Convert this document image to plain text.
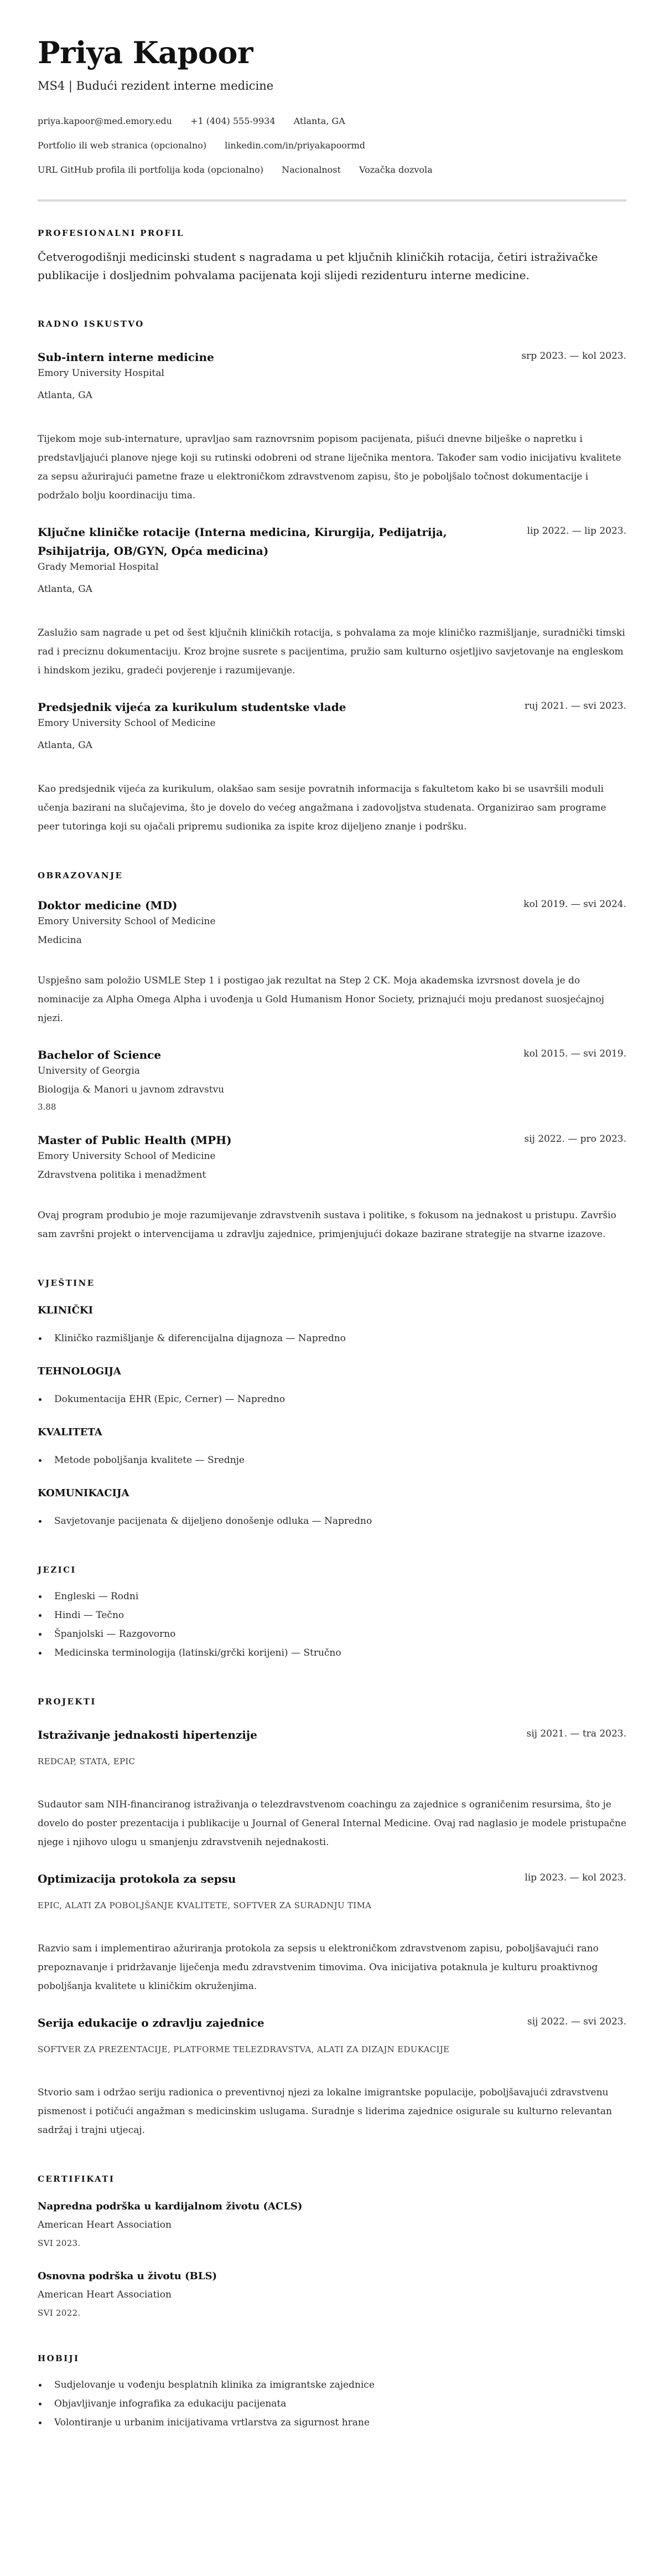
Priya Kapoor
MS4 | Budući rezident interne medicine
priya.kapoor@med.emory.edu +1 (404) 555-9934 Atlanta, GA
Portfolio ili web stranica (opcionalno) linkedin.com/in/priyakapoormd
URL GitHub profila ili portfolija koda (opcionalno) Nacionalnost Vozačka dozvola
PROFESIONALNI PROFIL

Četverogodišnji medicinski student s nagradama u pet ključnih kliničkih rotacija, četiri istraživačke publikacije i dosljednim pohvalama pacijenata koji slijedi rezidenturu interne medicine.

RADNO ISKUSTVO
Sub-intern interne medicine	srp 2023. — kol 2023.
Emory University Hospital
Atlanta, GA

Tijekom moje sub-internature, upravljao sam raznovrsnim popisom pacijenata, pišući dnevne bilješke o napretku i predstavljajući planove njege koji su rutinski odobreni od strane liječnika mentora. Također sam vodio inicijativu kvalitete za sepsu ažurirajući pametne fraze u elektroničkom zdravstvenom zapisu, što je poboljšalo točnost dokumentacije i podržalo bolju koordinaciju tima.

Ključne kliničke rotacije (Interna medicina, Kirurgija, Pedijatrija, Psihijatrija, OB/GYN, Opća medicina)
lip 2022. — lip 2023.
Grady Memorial Hospital
Atlanta, GA

Zaslužio sam nagrade u pet od šest ključnih kliničkih rotacija, s pohvalama za moje kliničko razmišljanje, suradnički timski rad i preciznu dokumentaciju. Kroz brojne susrete s pacijentima, pružio sam kulturno osjetljivo savjetovanje na engleskom i hindskom jeziku, gradeći povjerenje i razumijevanje.

Predsjednik vijeća za kurikulum studentske vlade	ruj 2021. — svi 2023.
Emory University School of Medicine
Atlanta, GA

Kao predsjednik vijeća za kurikulum, olakšao sam sesije povratnih informacija s fakultetom kako bi se usavršili moduli učenja bazirani na slučajevima, što je dovelo do većeg angažmana i zadovoljstva studenata. Organizirao sam programe peer tutoringa koji su ojačali pripremu sudionika za ispite kroz dijeljeno znanje i podršku.

OBRAZOVANJE
Doktor medicine (MD)	kol 2019. — svi 2024.
Emory University School of Medicine
Medicina

Uspješno sam položio USMLE Step 1 i postigao jak rezultat na Step 2 CK. Moja akademska izvrsnost dovela je do nominacije za Alpha Omega Alpha i uvođenja u Gold Humanism Honor Society, priznajući moju predanost suosjećajnoj njezi.

Bachelor of Science	kol 2015. — svi 2019.
University of Georgia
Biologija & Manori u javnom zdravstvu
3.88
Master of Public Health (MPH)	sij 2022. — pro 2023.
Emory University School of Medicine
Zdravstvena politika i menadžment

Ovaj program produbio je moje razumijevanje zdravstvenih sustava i politike, s fokusom na jednakost u pristupu. Završio sam završni projekt o intervencijama u zdravlju zajednice, primjenjujući dokaze bazirane strategije na stvarne izazove.

VJEŠTINE
KLINIČKI
Kliničko razmišljanje & diferencijalna dijagnoza — Napredno
TEHNOLOGIJA
Dokumentacija EHR (Epic, Cerner) — Napredno
KVALITETA
Metode poboljšanja kvalitete — Srednje
KOMUNIKACIJA
Savjetovanje pacijenata & dijeljeno donošenje odluka — Napredno
JEZICI
Engleski — Rodni
Hindi — Tečno
Španjolski — Razgovorno
Medicinska terminologija (latinski/grčki korijeni) — Stručno
PROJEKTI
Istraživanje jednakosti hipertenzije	sij 2021. — tra 2023.
REDCAP, STATA, EPIC

Sudautor sam NIH-financiranog istraživanja o telezdravstvenom coachingu za zajednice s ograničenim resursima, što je dovelo do poster prezentacija i publikacije u Journal of General Internal Medicine. Ovaj rad naglasio je modele pristupačne njege i njihovo ulogu u smanjenju zdravstvenih nejednakosti.

Optimizacija protokola za sepsu	lip 2023. — kol 2023.
EPIC, ALATI ZA POBOLJŠANJE KVALITETE, SOFTVER ZA SURADNJU TIMA

Razvio sam i implementirao ažuriranja protokola za sepsis u elektroničkom zdravstvenom zapisu, poboljšavajući rano prepoznavanje i pridržavanje liječenja među zdravstvenim timovima. Ova inicijativa potaknula je kulturu proaktivnog poboljšanja kvalitete u kliničkim okruženjima.

Serija edukacije o zdravlju zajednice	sij 2022. — svi 2023.
SOFTVER ZA PREZENTACIJE, PLATFORME TELEZDRAVSTVA, ALATI ZA DIZAJN EDUKACIJE

Stvorio sam i održao seriju radionica o preventivnoj njezi za lokalne imigrantske populacije, poboljšavajući zdravstvenu pismenost i potičući angažman s medicinskim uslugama. Suradnje s liderima zajednice osigurale su kulturno relevantan sadržaj i trajni utjecaj.

CERTIFIKATI
Napredna podrška u kardijalnom životu (ACLS)
American Heart Association
SVI 2023.
Osnovna podrška u životu (BLS)
American Heart Association
SVI 2022.
HOBIJI
Sudjelovanje u vođenju besplatnih klinika za imigrantske zajednice
Objavljivanje infografika za edukaciju pacijenata
Volontiranje u urbanim inicijativama vrtlarstva za sigurnost hrane
